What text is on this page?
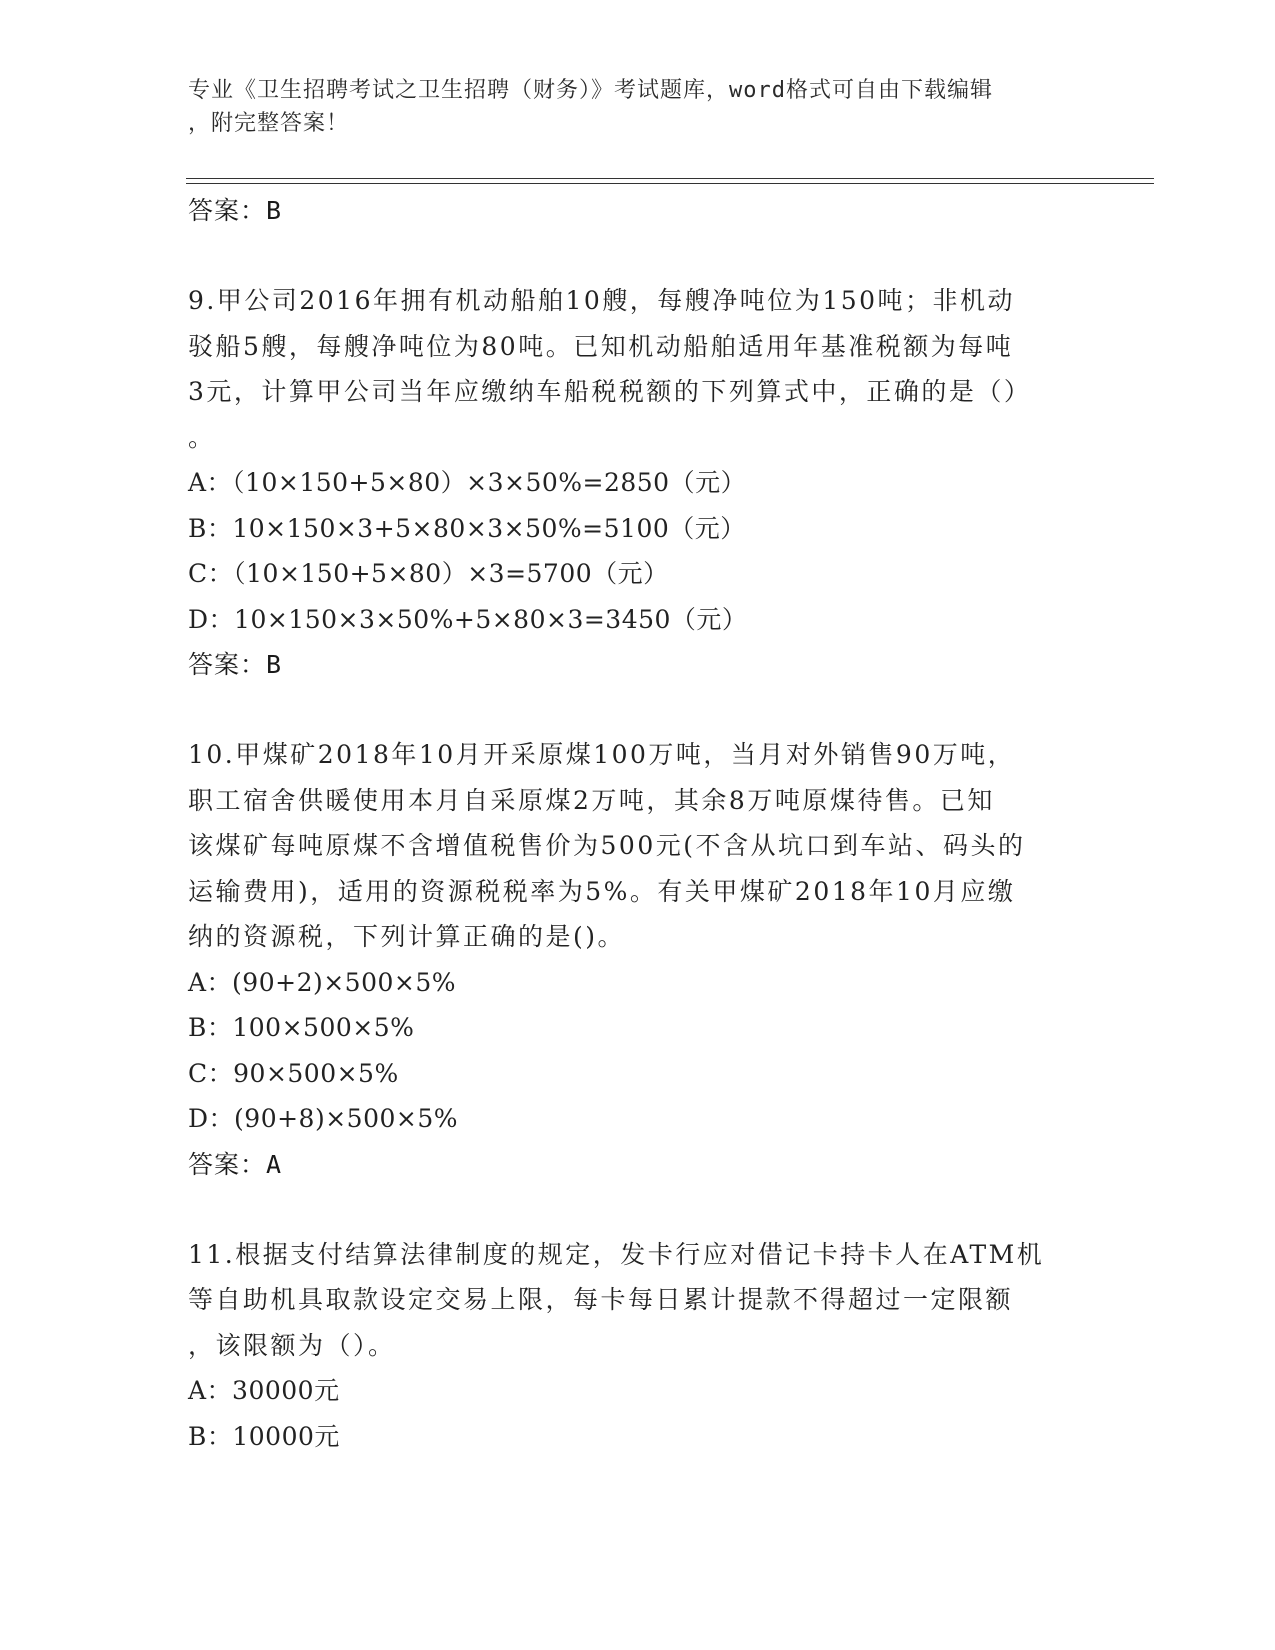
专业《卫生招聘考试之卫生招聘（财务）》考试题库，word格式可自由下载编辑
，附完整答案！
答案：B
9.甲公司2016年拥有机动船舶10艘，每艘净吨位为150吨；非机动
驳船5艘，每艘净吨位为80吨。已知机动船舶适用年基准税额为每吨
3元，计算甲公司当年应缴纳车船税税额的下列算式中，正确的是（）
。
A：（10×150+5×80）×3×50%=2850（元）
B：10×150×3+5×80×3×50%=5100（元）
C：（10×150+5×80）×3=5700（元）
D：10×150×3×50%+5×80×3=3450（元）
答案：B
10.甲煤矿2018年10月开采原煤100万吨，当月对外销售90万吨，
职工宿舍供暖使用本月自采原煤2万吨，其余8万吨原煤待售。已知
该煤矿每吨原煤不含增值税售价为500元(不含从坑口到车站、码头的
运输费用)，适用的资源税税率为5%。有关甲煤矿2018年10月应缴
纳的资源税，下列计算正确的是()。
A：(90+2)×500×5%
B：100×500×5%
C：90×500×5%
D：(90+8)×500×5%
答案：A
11.根据支付结算法律制度的规定，发卡行应对借记卡持卡人在ATM机
等自助机具取款设定交易上限，每卡每日累计提款不得超过一定限额
，该限额为（）。
A：30000元
B：10000元
